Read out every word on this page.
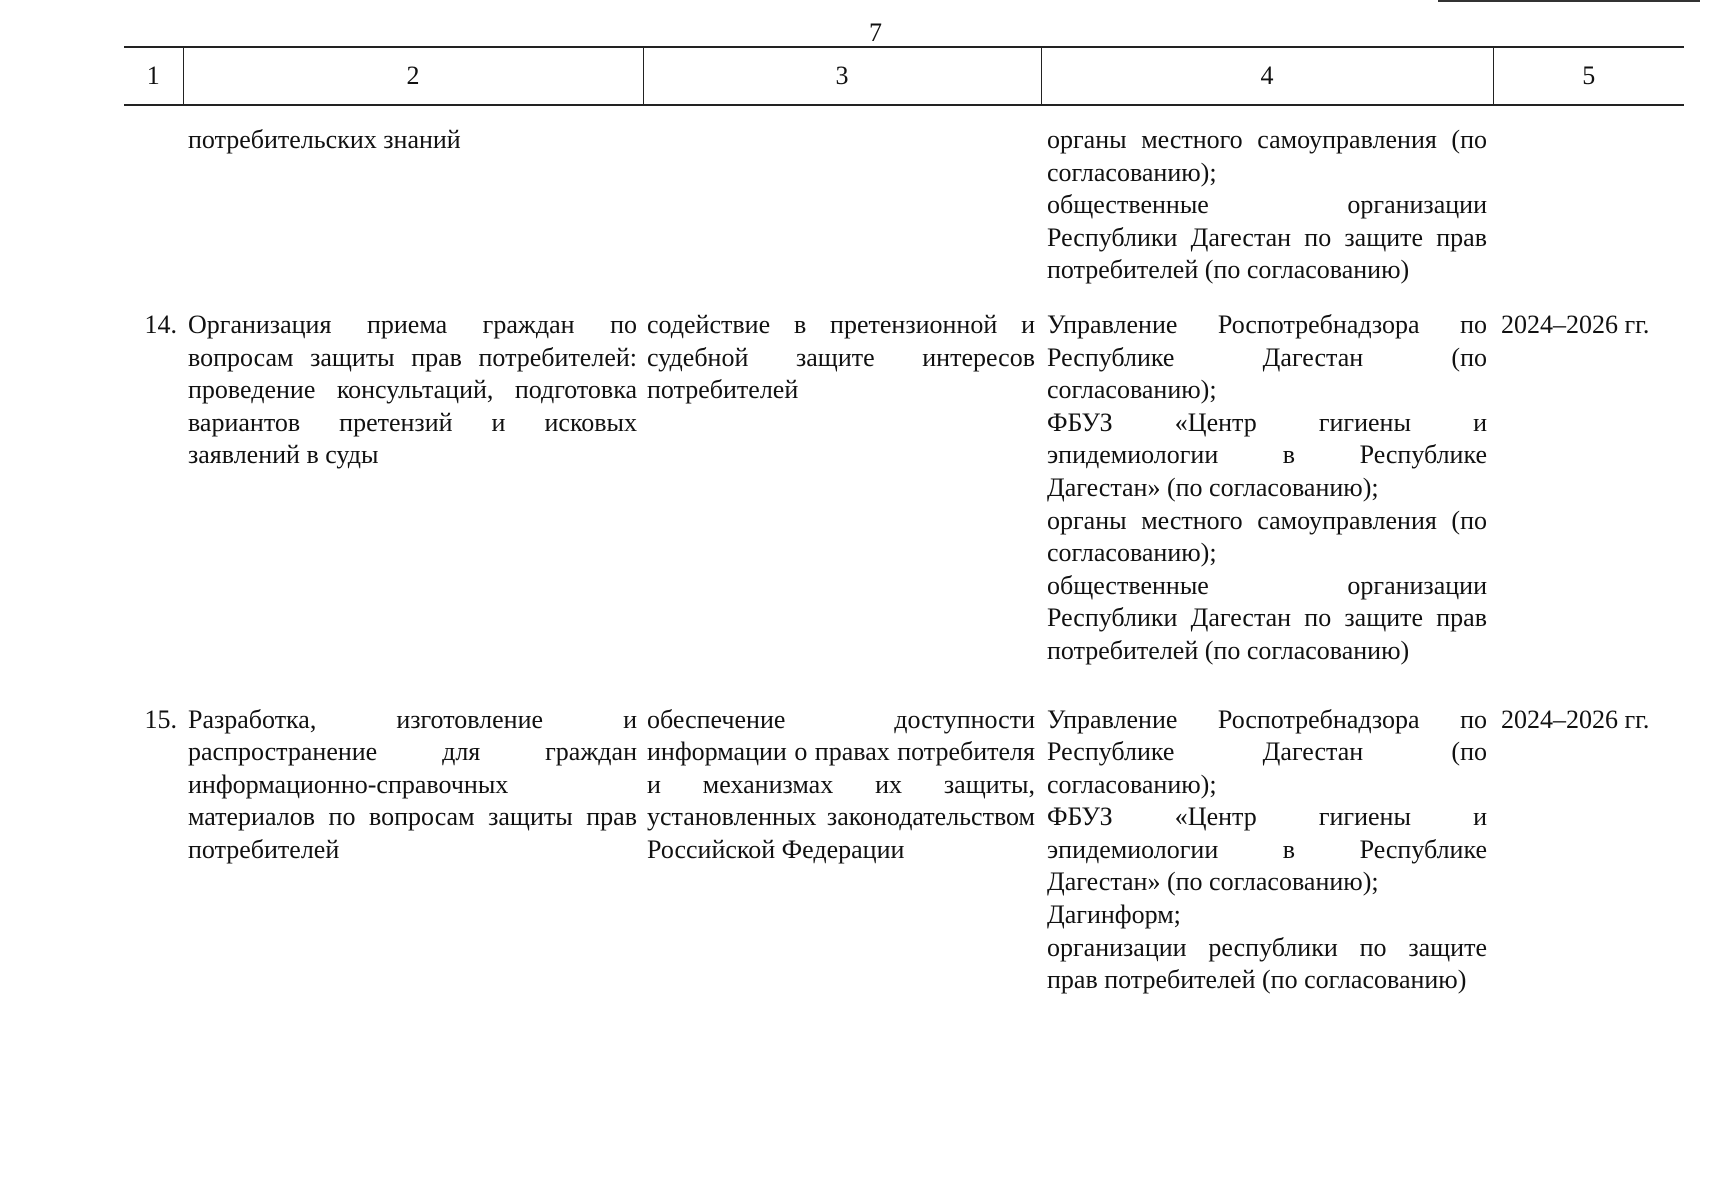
7
1	2	3	4	5
	потребительских знаний		органы местного самоуправления (по согласованию);
общественные организации Республики Дагестан по защите прав потребителей (по согласованию)	

14.	Организация приема граждан по вопросам защиты прав потребителей: проведение консультаций, подготовка вариантов претензий и исковых заявлений в суды	содействие в претензионной и судебной защите интересов потребителей	Управление Роспотребнадзора по Республике Дагестан (по согласованию);
ФБУЗ «Центр гигиены и эпидемиологии в Республике Дагестан» (по согласованию);
органы местного самоуправления (по согласованию);
общественные организации Республики Дагестан по защите прав потребителей (по согласованию)	2024–2026 гг.
15.	Разработка, изготовление и распространение для граждан информационно-справочных материалов по вопросам защиты прав потребителей	обеспечение доступности информации о правах потребителя и механизмах их защиты, установленных законодательством Российской Федерации	Управление Роспотребнадзора по Республике Дагестан (по согласованию);
ФБУЗ «Центр гигиены и эпидемиологии в Республике Дагестан» (по согласованию);
Дагинформ;
организации республики по защите прав потребителей (по согласованию)	2024–2026 гг.
